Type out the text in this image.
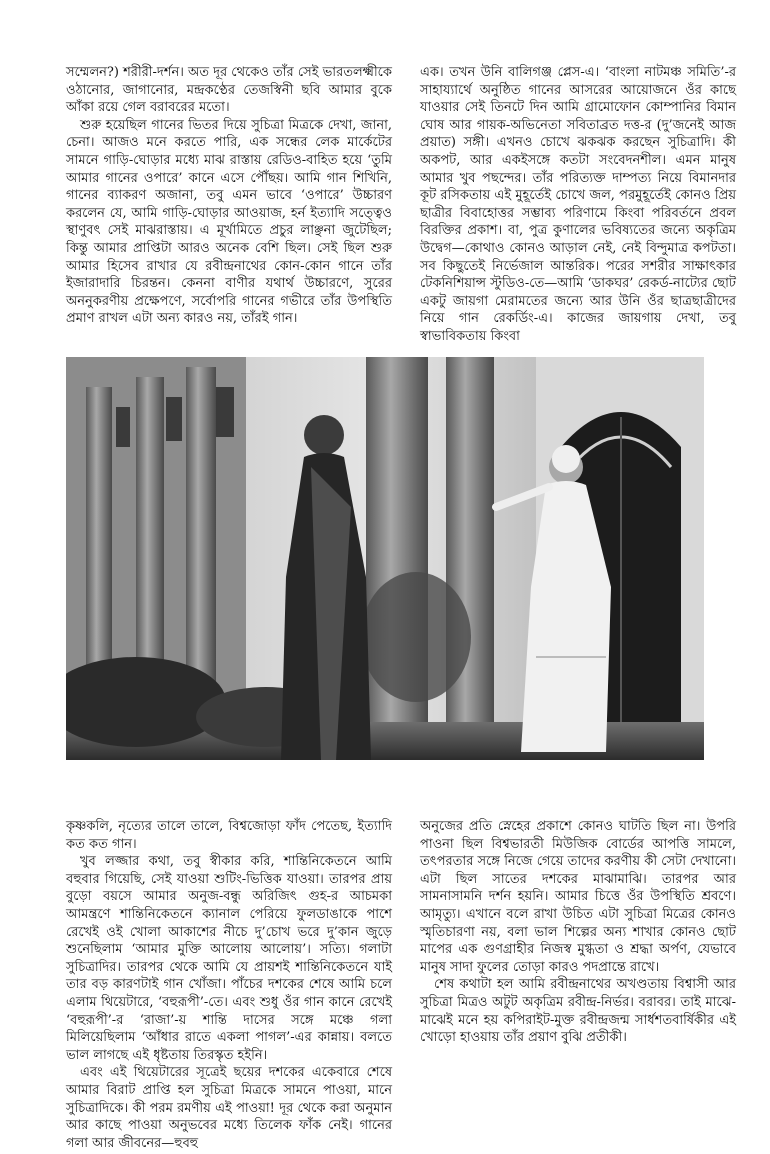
সম্মেলন?) শরীরী-দর্শন। অত দূর থেকেও তাঁর সেই ভারতলক্ষ্মীকে ওঠানোর, জাগানোর, মন্দ্রকণ্ঠের তেজস্বিনী ছবি আমার বুকে আঁকা রয়ে গেল বরাবরের মতো।

শুরু হয়েছিল গানের ভিতর দিয়ে সুচিত্রা মিত্রকে দেখা, জানা, চেনা। আজও মনে করতে পারি, এক সন্ধের লেক মার্কেটের সামনে গাড়ি-ঘোড়ার মধ্যে মাঝ রাস্তায় রেডিও-বাহিত হয়ে ‘তুমি আমার গানের ওপারে’ কানে এসে পৌঁছয়। আমি গান শিখিনি, গানের ব্যাকরণ অজানা, তবু এমন ভাবে ‘ওপারে’ উচ্চারণ করলেন যে, আমি গাড়ি-ঘোড়ার আওয়াজ, হর্ন ইত্যাদি সত্ত্বেও স্থাণুবৎ সেই মাঝরাস্তায়। এ মূর্খামিতে প্রচুর লাঞ্ছনা জুটেছিল; কিন্তু আমার প্রাপ্তিটা আরও অনেক বেশি ছিল। সেই ছিল শুরু আমার হিসেব রাখার যে রবীন্দ্রনাথের কোন-কোন গানে তাঁর ইজারাদারি চিরন্তন। কেননা বাণীর যথার্থ উচ্চারণে, সুরের অননুকরণীয় প্রক্ষেপণে, সর্বোপরি গানের গভীরে তাঁর উপস্থিতি প্রমাণ রাখল এটা অন্য কারও নয়, তাঁরই গান।

এক। তখন উনি বালিগঞ্জ প্লেস-এ। ‘বাংলা নাটমঞ্চ সমিতি’-র সাহায্যার্থে অনুষ্ঠিত গানের আসরের আয়োজনে ওঁর কাছে যাওয়ার সেই তিনটে দিন আমি গ্রামোফোন কোম্পানির বিমান ঘোষ আর গায়ক-অভিনেতা সবিতাব্রত দত্ত-র (দু’জনেই আজ প্রয়াত) সঙ্গী। এখনও চোখে ঝকঝক করছেন সুচিত্রাদি। কী অকপট, আর একইসঙ্গে কতটা সংবেদনশীল। এমন মানুষ আমার খুব পছন্দের। তাঁর পরিত্যক্ত দাম্পত্য নিয়ে বিমানদার কূট রসিকতায় এই মুহূর্তেই চোখে জল, পরমুহূর্তেই কোনও প্রিয় ছাত্রীর বিবাহোত্তর সম্ভাব্য পরিণামে কিংবা পরিবর্তনে প্রবল বিরক্তির প্রকাশ। বা, পুত্র কুণালের ভবিষ্যতের জন্যে অকৃত্রিম উদ্বেগ—কোথাও কোনও আড়াল নেই, নেই বিন্দুমাত্র কপটতা। সব কিছুতেই নির্ভেজাল আন্তরিক। পরের সশরীর সাক্ষাৎকার টেকনিশিয়ান্স স্টুডিও-তে—আমি ‘ডাকঘর’ রেকর্ড-নাট্যের ছোট একটু জায়গা মেরামতের জন্যে আর উনি ওঁর ছাত্রছাত্রীদের নিয়ে গান রেকর্ডিং-এ। কাজের জায়গায় দেখা, তবু স্বাভাবিকতায় কিংবা

কৃষ্ণকলি, নৃত্যের তালে তালে, বিশ্বজোড়া ফাঁদ পেতেছ, ইত্যাদি কত কত গান।

খুব লজ্জার কথা, তবু স্বীকার করি, শান্তিনিকেতনে আমি বহুবার গিয়েছি, সেই যাওয়া শুটিং-ভিত্তিক যাওয়া। তারপর প্রায় বুড়ো বয়সে আমার অনুজ-বন্ধু অরিজিৎ গুহ-র আচমকা আমন্ত্রণে শান্তিনিকেতনে ক্যানাল পেরিয়ে ফুলডাঙাকে পাশে রেখেই ওই খোলা আকাশের নীচে দু’চোখ ভরে দু’কান জুড়ে শুনেছিলাম ‘আমার মুক্তি আলোয় আলোয়’। সত্যি। গলাটা সুচিত্রাদির। তারপর থেকে আমি যে প্রায়শই শান্তিনিকেতনে যাই তার বড় কারণটাই গান খোঁজা। পাঁচের দশকের শেষে আমি চলে এলাম থিয়েটারে, ‘বহুরূপী’-তে। এবং শুধু ওঁর গান কানে রেখেই ‘বহুরূপী’-র ‘রাজা’-য় শান্তি দাসের সঙ্গে মঞ্চে গলা মিলিয়েছিলাম ‘আঁধার রাতে একলা পাগল’-এর কান্নায়। বলতে ভাল লাগছে এই ধৃষ্টতায় তিরস্কৃত হইনি।

এবং এই থিয়েটারের সূত্রেই ছয়ের দশকের একেবারে শেষে আমার বিরাট প্রাপ্তি হল সুচিত্রা মিত্রকে সামনে পাওয়া, মানে সুচিত্রাদিকে। কী পরম রমণীয় এই পাওয়া! দূর থেকে করা অনুমান আর কাছে পাওয়া অনুভবের মধ্যে তিলেক ফাঁক নেই। গানের গলা আর জীবনের—হুবহু

অনুজের প্রতি স্নেহের প্রকাশে কোনও ঘাটতি ছিল না। উপরি পাওনা ছিল বিশ্বভারতী মিউজিক বোর্ডের আপত্তি সামলে, তৎপরতার সঙ্গে নিজে গেয়ে তাদের করণীয় কী সেটা দেখানো। এটা ছিল সাতের দশকের মাঝামাঝি। তারপর আর সামনাসামনি দর্শন হয়নি। আমার চিত্তে ওঁর উপস্থিতি শ্রবণে। আমৃত্যু। এখানে বলে রাখা উচিত এটা সুচিত্রা মিত্রের কোনও স্মৃতিচারণা নয়, বলা ভাল শিল্পের অন্য শাখার কোনও ছোট মাপের এক গুণগ্রাহীর নিজস্ব মুগ্ধতা ও শ্রদ্ধা অর্পণ, যেভাবে মানুষ সাদা ফুলের তোড়া কারও পদপ্রান্তে রাখে।

শেষ কথাটা হল আমি রবীন্দ্রনাথের অখণ্ডতায় বিশ্বাসী আর সুচিত্রা মিত্রও অটুট অকৃত্রিম রবীন্দ্র-নির্ভর। বরাবর। তাই মাঝে-মাঝেই মনে হয় কপিরাইট-মুক্ত রবীন্দ্রজন্ম সার্ধশতবার্ষিকীর এই খোড়ো হাওয়ায় তাঁর প্রয়াণ বুঝি প্রতীকী।
